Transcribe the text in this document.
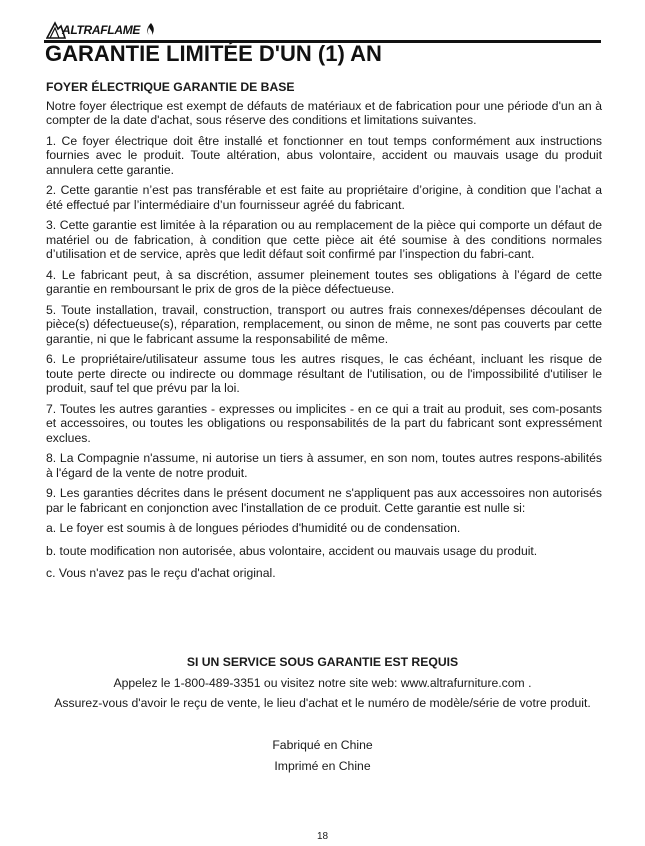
ALTRAFLAME
GARANTIE LIMITÉE D'UN (1) AN
FOYER ÉLECTRIQUE GARANTIE DE BASE

Notre foyer électrique est exempt de défauts de matériaux et de fabrication pour une période d'un an à compter de la date d'achat, sous réserve des conditions et limitations suivantes.

1. Ce foyer électrique doit être installé et fonctionner en tout temps conformément aux instructions fournies avec le produit. Toute altération, abus volontaire, accident ou mauvais usage du produit annulera cette garantie.

2. Cette garantie n’est pas transférable et est faite au propriétaire d’origine, à condition que l’achat a été effectué par l’intermédiaire d’un fournisseur agréé du fabricant.

3. Cette garantie est limitée à la réparation ou au remplacement de la pièce qui comporte un défaut de matériel ou de fabrication, à condition que cette pièce ait été soumise à des conditions normales d’utilisation et de service, après que ledit défaut soit confirmé par l’inspection du fabri-cant.

4. Le fabricant peut, à sa discrétion, assumer pleinement toutes ses obligations à l’égard de cette garantie en remboursant le prix de gros de la pièce défectueuse.

5. Toute installation, travail, construction, transport ou autres frais connexes/dépenses découlant de pièce(s) défectueuse(s), réparation, remplacement, ou sinon de même, ne sont pas couverts par cette garantie, ni que le fabricant assume la responsabilité de même.

6. Le propriétaire/utilisateur assume tous les autres risques, le cas échéant, incluant les risque de toute perte directe ou indirecte ou dommage résultant de l'utilisation, ou de l'impossibilité d'utiliser le produit, sauf tel que prévu par la loi.

7. Toutes les autres garanties - expresses ou implicites - en ce qui a trait au produit, ses com-posants et accessoires, ou toutes les obligations ou responsabilités de la part du fabricant sont expressément exclues.

8. La Compagnie n'assume, ni autorise un tiers à assumer, en son nom, toutes autres respons-abilités à l'égard de la vente de notre produit.

9. Les garanties décrites dans le présent document ne s'appliquent pas aux accessoires non autorisés par le fabricant en conjonction avec l'installation de ce produit. Cette garantie est nulle si:

a. Le foyer est soumis à de longues périodes d'humidité ou de condensation.

b. toute modification non autorisée, abus volontaire, accident ou mauvais usage du produit.

c. Vous n'avez pas le reçu d'achat original.

SI UN SERVICE SOUS GARANTIE EST REQUIS
Appelez le 1-800-489-3351 ou visitez notre site web: www.altrafurniture.com .
Assurez-vous d'avoir le reçu de vente, le lieu d'achat et le numéro de modèle/série de votre produit.
Fabriqué en Chine
Imprimé en Chine
18
